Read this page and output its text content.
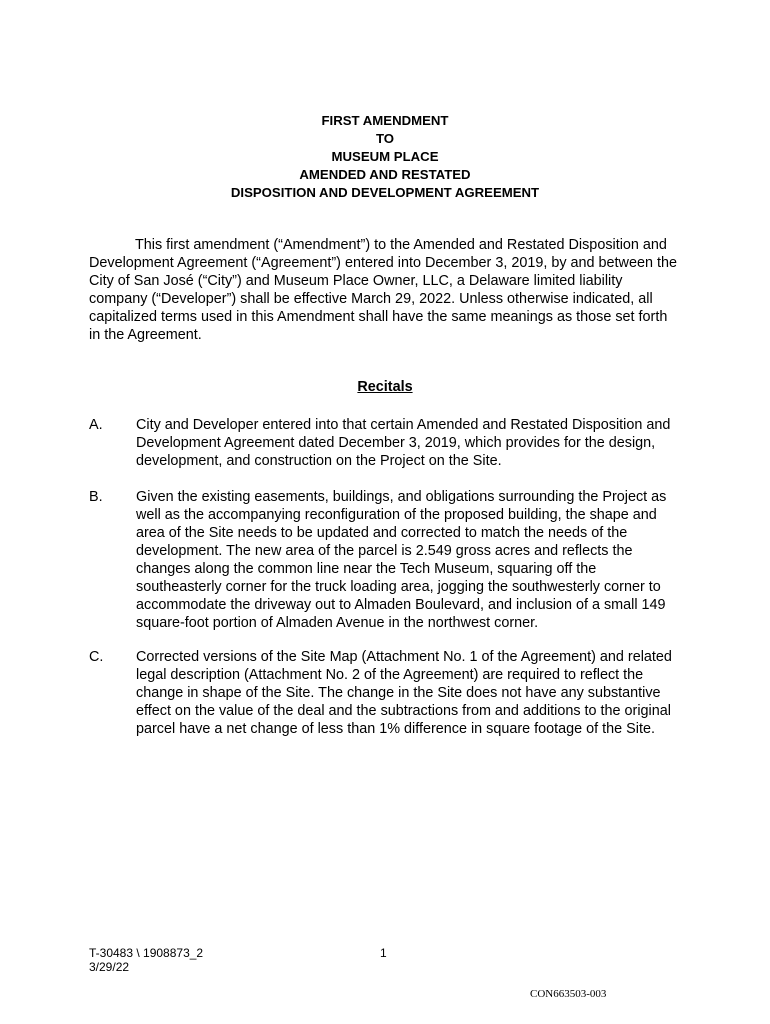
FIRST AMENDMENT
TO
MUSEUM PLACE
AMENDED AND RESTATED
DISPOSITION AND DEVELOPMENT AGREEMENT
This first amendment (“Amendment”) to the Amended and Restated Disposition and Development Agreement (“Agreement”) entered into December 3, 2019, by and between the City of San José (“City”) and Museum Place Owner, LLC, a Delaware limited liability company (“Developer”) shall be effective March 29, 2022. Unless otherwise indicated, all capitalized terms used in this Amendment shall have the same meanings as those set forth in the Agreement.
Recitals
A.	City and Developer entered into that certain Amended and Restated Disposition and Development Agreement dated December 3, 2019, which provides for the design, development, and construction on the Project on the Site.
B.	Given the existing easements, buildings, and obligations surrounding the Project as well as the accompanying reconfiguration of the proposed building, the shape and area of the Site needs to be updated and corrected to match the needs of the development. The new area of the parcel is 2.549 gross acres and reflects the changes along the common line near the Tech Museum, squaring off the southeasterly corner for the truck loading area, jogging the southwesterly corner to accommodate the driveway out to Almaden Boulevard, and inclusion of a small 149 square-foot portion of Almaden Avenue in the northwest corner.
C.	Corrected versions of the Site Map (Attachment No. 1 of the Agreement) and related legal description (Attachment No. 2 of the Agreement) are required to reflect the change in shape of the Site. The change in the Site does not have any substantive effect on the value of the deal and the subtractions from and additions to the original parcel have a net change of less than 1% difference in square footage of the Site.
T-30483 \ 1908873_2
3/29/22
1
CON663503-003
